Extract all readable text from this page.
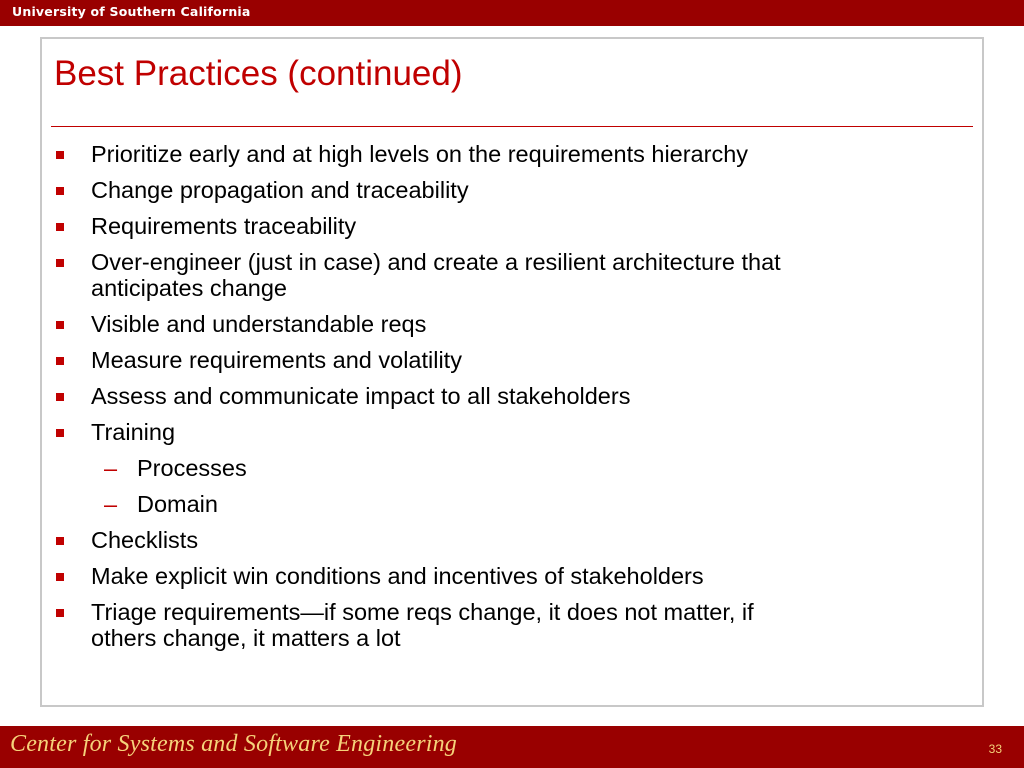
University of Southern California
Best Practices (continued)
Prioritize early and at high levels on the requirements hierarchy
Change propagation and traceability
Requirements traceability
Over-engineer (just in case) and create a resilient architecture that
anticipates change
Visible and understandable reqs
Measure requirements and volatility
Assess and communicate impact to all stakeholders
Training
– Processes
– Domain
Checklists
Make explicit win conditions and incentives of stakeholders
Triage requirements—if some reqs change, it does not matter, if
others change, it matters a lot
Center for Systems and Software Engineering	33
